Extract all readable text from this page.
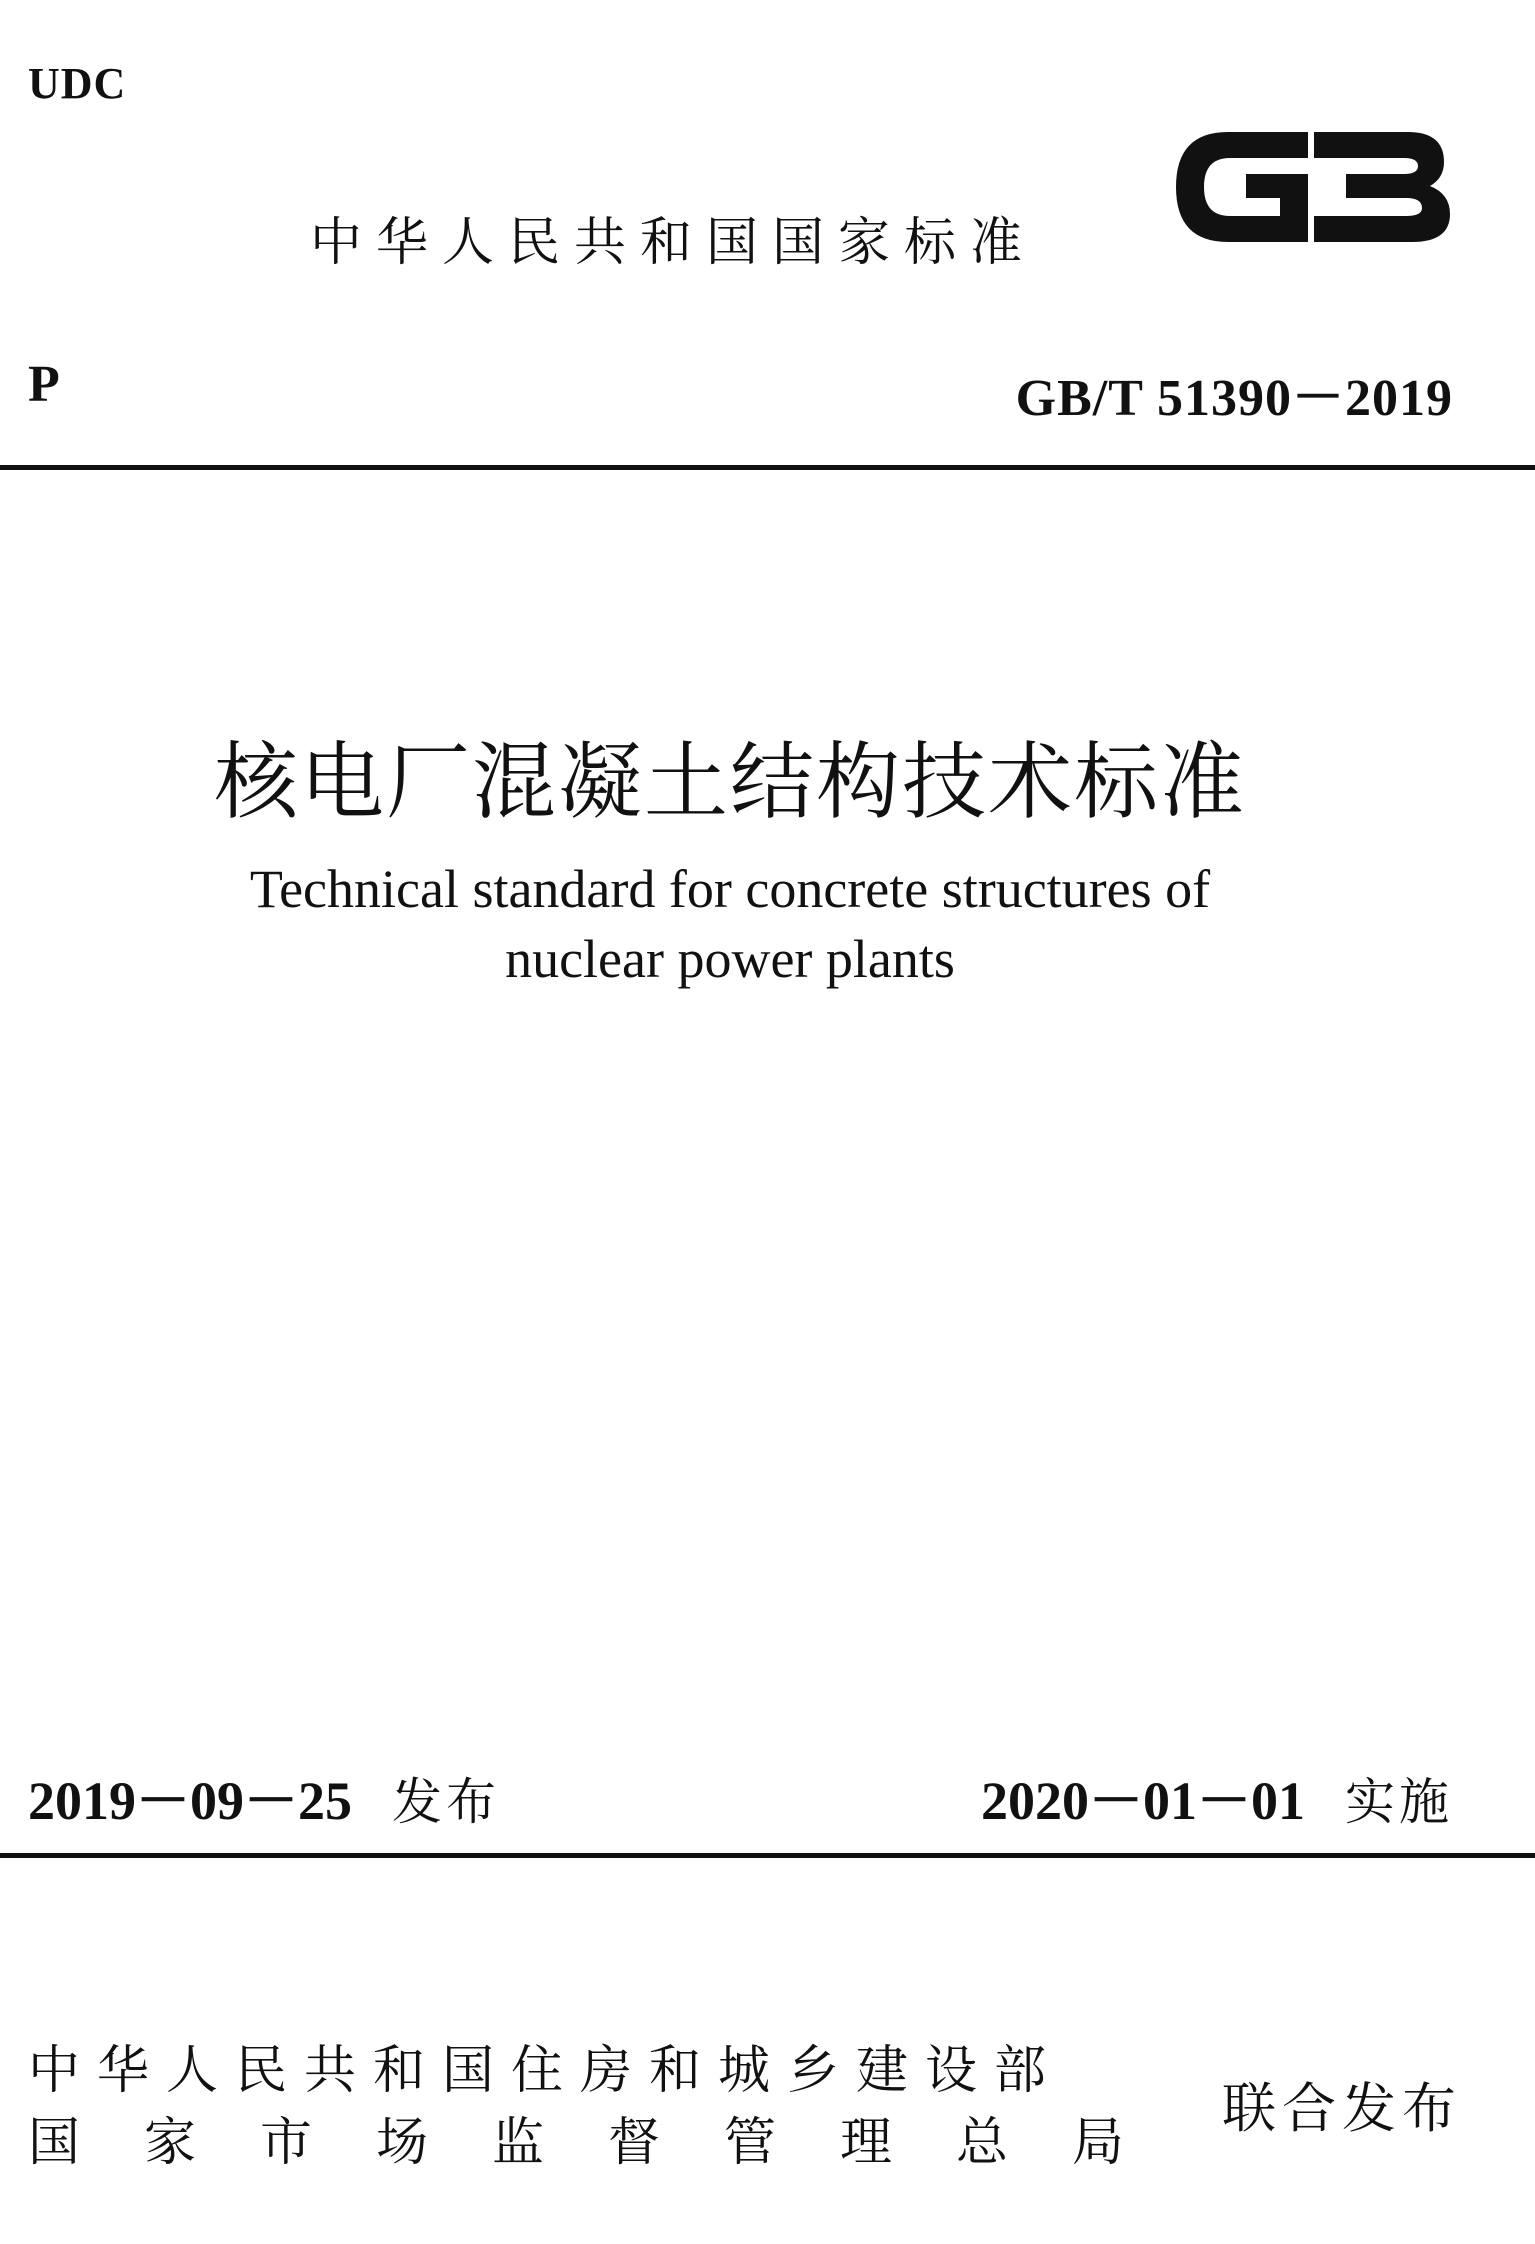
UDC
中华人民共和国国家标准
P	GB/T 51390－2019
核电厂混凝土结构技术标准
Technical standard for concrete structures of
nuclear power plants
2019－09－25 发布	2020－01－01 实施
中华人民共和国住房和城乡建设部
国家市场监督管理总局
联合发布
